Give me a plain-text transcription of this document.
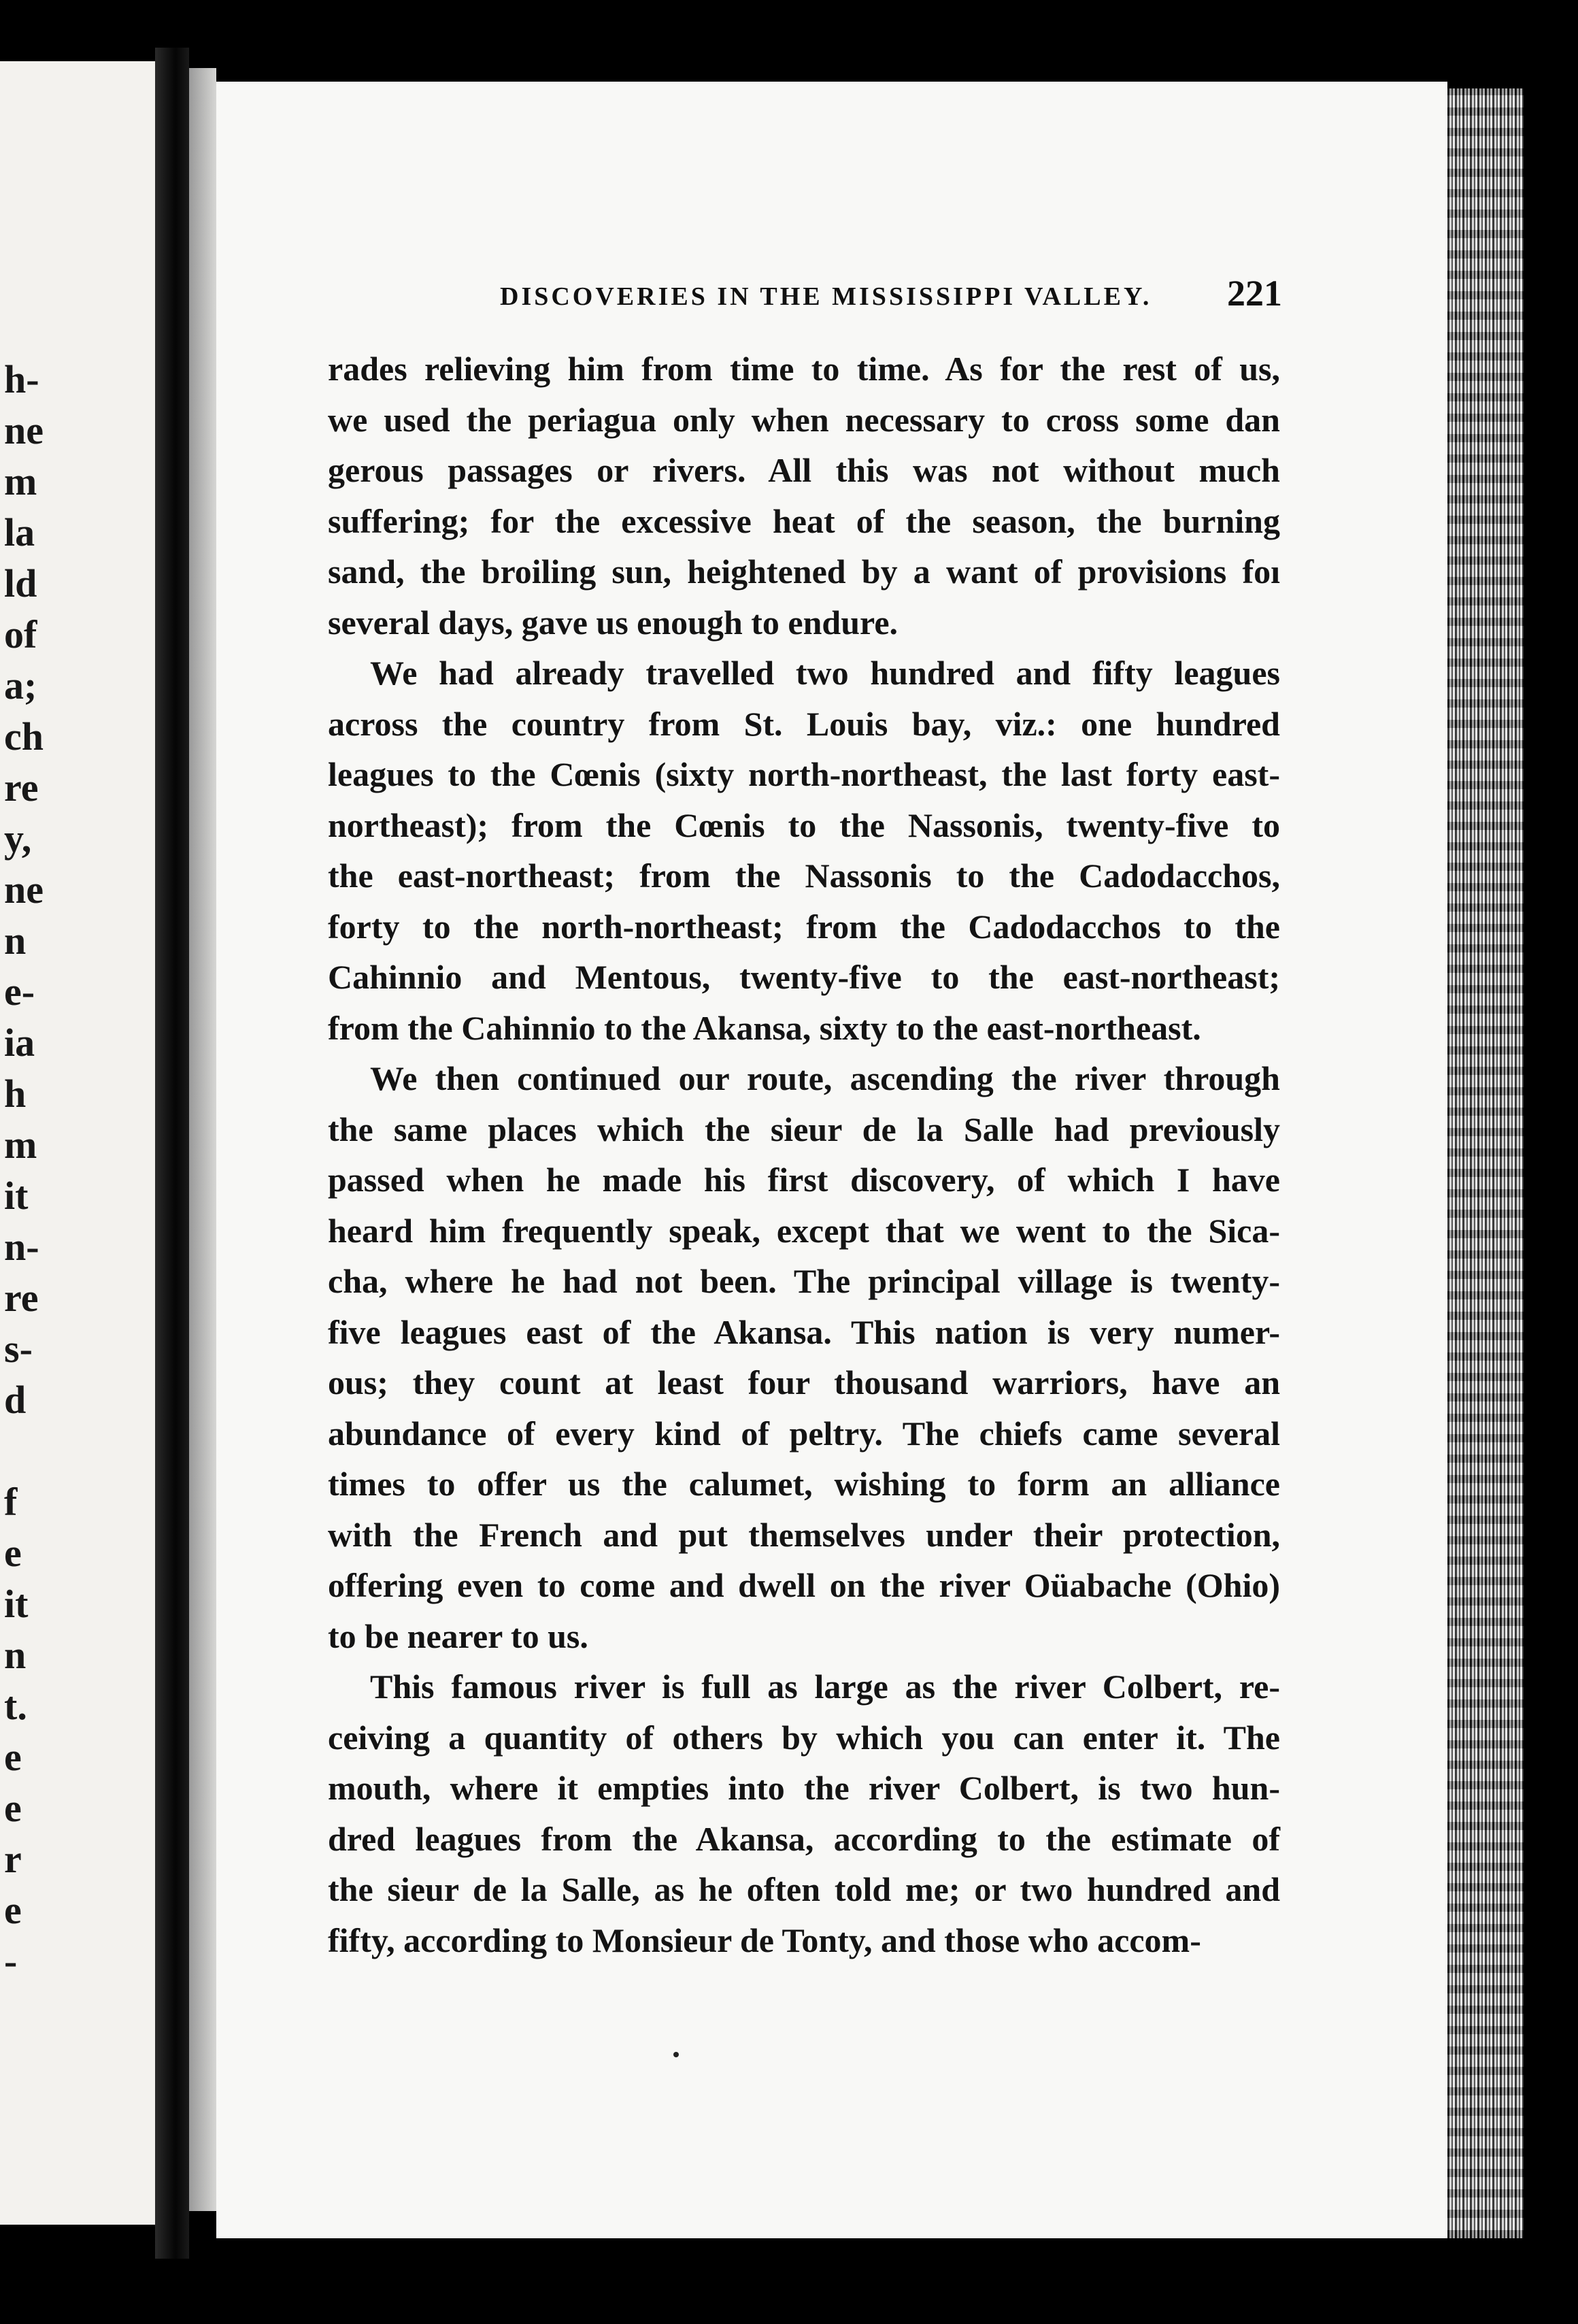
h-
ne
m
la
ld
of
a;
ch
re
y,
ne
n
e-
ia
h
m
it
n-
re
s-
d

f
e
it
n
t.
e
e
r
e
-
DISCOVERIES IN THE MISSISSIPPI VALLEY. 221
rades relieving him from time to time. As for the rest of us,
we used the periagua only when necessary to cross some dan
gerous passages or rivers. All this was not without much
suffering; for the excessive heat of the season, the burning
sand, the broiling sun, heightened by a want of provisions foı
several days, gave us enough to endure.
We had already travelled two hundred and fifty leagues
across the country from St. Louis bay, viz.: one hundred
leagues to the Cœnis (sixty north-northeast, the last forty east-
northeast); from the Cœnis to the Nassonis, twenty-five to
the east-northeast; from the Nassonis to the Cadodacchos,
forty to the north-northeast; from the Cadodacchos to the
Cahinnio and Mentous, twenty-five to the east-northeast;
from the Cahinnio to the Akansa, sixty to the east-northeast.
We then continued our route, ascending the river through
the same places which the sieur de la Salle had previously
passed when he made his first discovery, of which I have
heard him frequently speak, except that we went to the Sica-
cha, where he had not been. The principal village is twenty-
five leagues east of the Akansa. This nation is very numer-
ous; they count at least four thousand warriors, have an
abundance of every kind of peltry. The chiefs came several
times to offer us the calumet, wishing to form an alliance
with the French and put themselves under their protection,
offering even to come and dwell on the river Oüabache (Ohio)
to be nearer to us.
This famous river is full as large as the river Colbert, re-
ceiving a quantity of others by which you can enter it. The
mouth, where it empties into the river Colbert, is two hun-
dred leagues from the Akansa, according to the estimate of
the sieur de la Salle, as he often told me; or two hundred and
fifty, according to Monsieur de Tonty, and those who accom-
